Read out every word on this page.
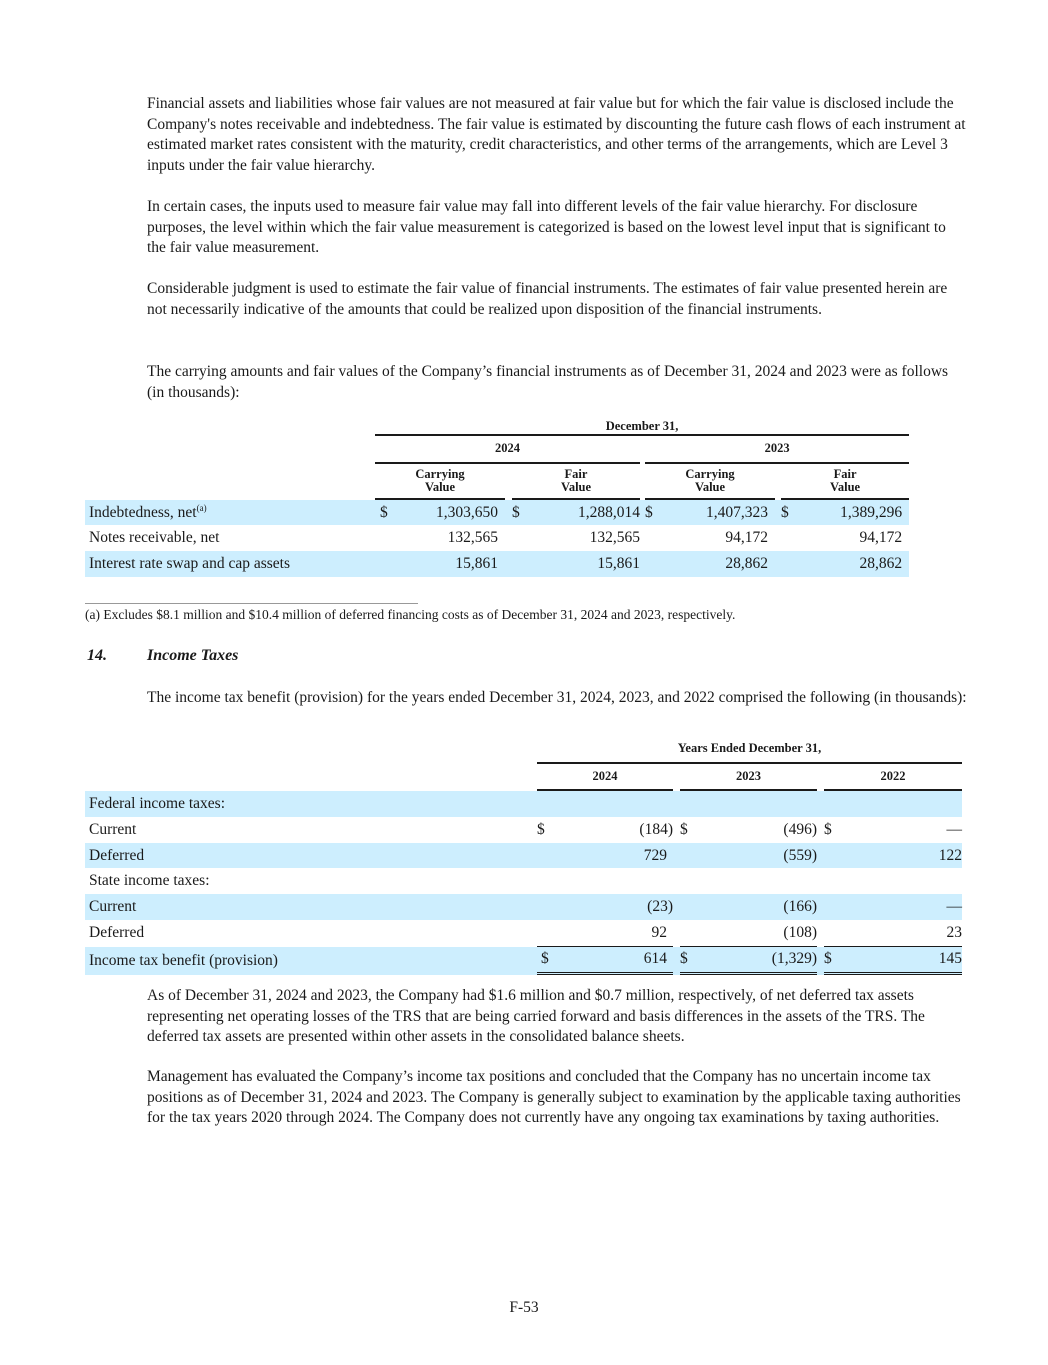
Financial assets and liabilities whose fair values are not measured at fair value but for which the fair value is disclosed include the Company's notes receivable and indebtedness. The fair value is estimated by discounting the future cash flows of each instrument at estimated market rates consistent with the maturity, credit characteristics, and other terms of the arrangements, which are Level 3 inputs under the fair value hierarchy.
In certain cases, the inputs used to measure fair value may fall into different levels of the fair value hierarchy. For disclosure purposes, the level within which the fair value measurement is categorized is based on the lowest level input that is significant to the fair value measurement.
Considerable judgment is used to estimate the fair value of financial instruments. The estimates of fair value presented herein are not necessarily indicative of the amounts that could be realized upon disposition of the financial instruments.
The carrying amounts and fair values of the Company’s financial instruments as of December 31, 2024 and 2023 were as follows (in thousands):
	December 31,										
	2024						2023				
	Carrying Value			Fair Value			Carrying Value			Fair Value	
Indebtedness, net$^{(a)}$	$	1,303,650		$	1,288,014		$	1,407,323		$	1,389,296
Notes receivable, net		132,565			132,565			94,172			94,172
Interest rate swap and cap assets		15,861			15,861			28,862			28,862
(a) Excludes $8.1 million and $10.4 million of deferred financing costs as of December 31, 2024 and 2023, respectively.
14.	Income Taxes
The income tax benefit (provision) for the years ended December 31, 2024, 2023, and 2022 comprised the following (in thousands):
	Years Ended December 31,							
	2024			2023			2022	
Federal income taxes:								
Current	$	(184)		$	(496)		$	—
Deferred		729			(559)			122
State income taxes:								
Current		(23)			(166)			—
Deferred		92			(108)			23
Income tax benefit (provision)	$	614		$	(1,329)		$	145
As of December 31, 2024 and 2023, the Company had $1.6 million and $0.7 million, respectively, of net deferred tax assets representing net operating losses of the TRS that are being carried forward and basis differences in the assets of the TRS. The deferred tax assets are presented within other assets in the consolidated balance sheets.
Management has evaluated the Company’s income tax positions and concluded that the Company has no uncertain income tax positions as of December 31, 2024 and 2023. The Company is generally subject to examination by the applicable taxing authorities for the tax years 2020 through 2024. The Company does not currently have any ongoing tax examinations by taxing authorities.
F-53
